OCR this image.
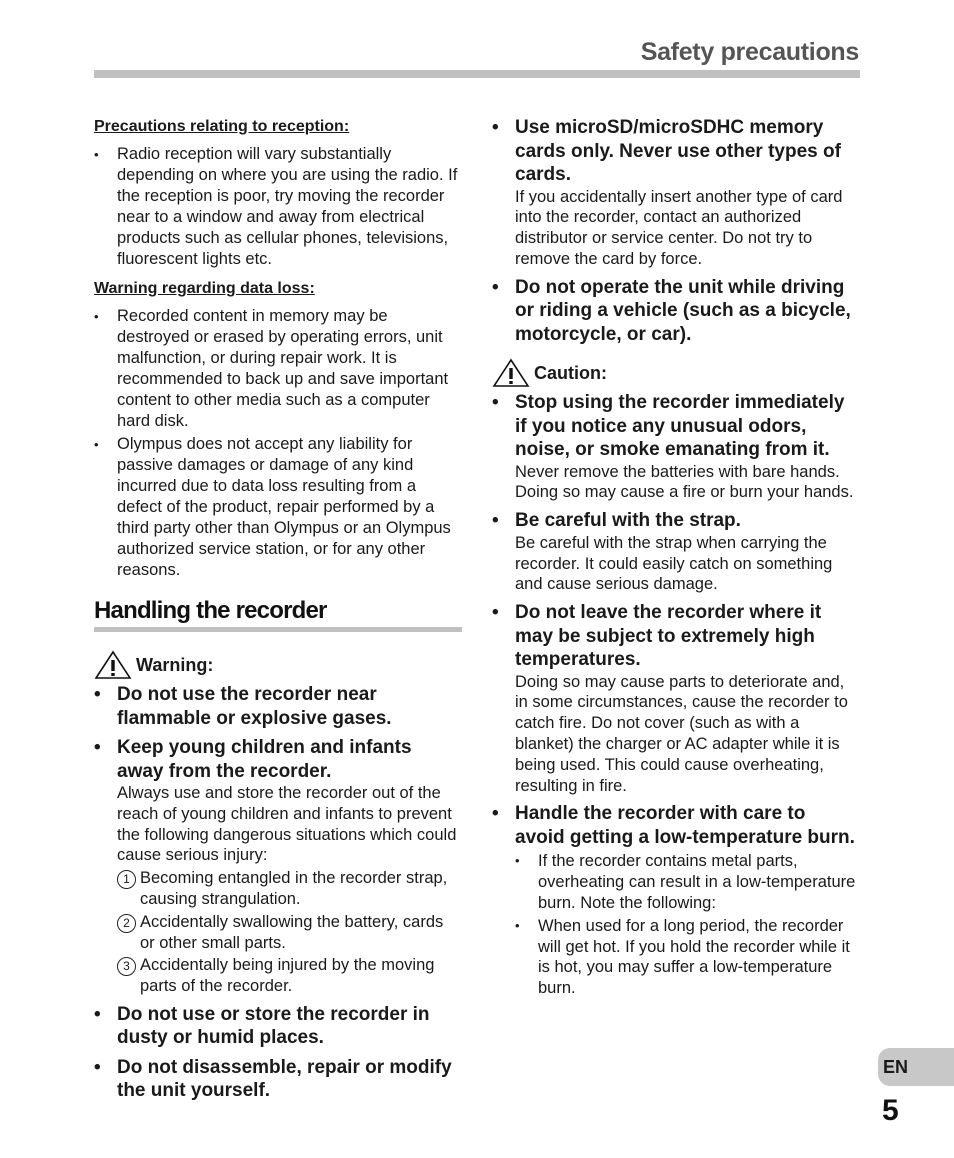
Safety precautions
Precautions relating to reception:
• Radio reception will vary substantially depending on where you are using the radio. If the reception is poor, try moving the recorder near to a window and away from electrical products such as cellular phones, televisions, fluorescent lights etc.
Warning regarding data loss:
• Recorded content in memory may be destroyed or erased by operating errors, unit malfunction, or during repair work. It is recommended to back up and save important content to other media such as a computer hard disk.
• Olympus does not accept any liability for passive damages or damage of any kind incurred due to data loss resulting from a defect of the product, repair performed by a third party other than Olympus or an Olympus authorized service station, or for any other reasons.
Handling the recorder
Warning:
• Do not use the recorder near flammable or explosive gases.
• Keep young children and infants away from the recorder.
Always use and store the recorder out of the reach of young children and infants to prevent the following dangerous situations which could cause serious injury:
1 Becoming entangled in the recorder strap, causing strangulation.
2 Accidentally swallowing the battery, cards or other small parts.
3 Accidentally being injured by the moving parts of the recorder.
• Do not use or store the recorder in dusty or humid places.
• Do not disassemble, repair or modify the unit yourself.
• Use microSD/microSDHC memory cards only. Never use other types of cards.
If you accidentally insert another type of card into the recorder, contact an authorized distributor or service center. Do not try to remove the card by force.
• Do not operate the unit while driving or riding a vehicle (such as a bicycle, motorcycle, or car).
Caution:
• Stop using the recorder immediately if you notice any unusual odors, noise, or smoke emanating from it.
Never remove the batteries with bare hands. Doing so may cause a fire or burn your hands.
• Be careful with the strap.
Be careful with the strap when carrying the recorder. It could easily catch on something and cause serious damage.
• Do not leave the recorder where it may be subject to extremely high temperatures.
Doing so may cause parts to deteriorate and, in some circumstances, cause the recorder to catch fire. Do not cover (such as with a blanket) the charger or AC adapter while it is being used. This could cause overheating, resulting in fire.
• Handle the recorder with care to avoid getting a low-temperature burn.
• If the recorder contains metal parts, overheating can result in a low-temperature burn. Note the following:
• When used for a long period, the recorder will get hot. If you hold the recorder while it is hot, you may suffer a low-temperature burn.
EN
5
